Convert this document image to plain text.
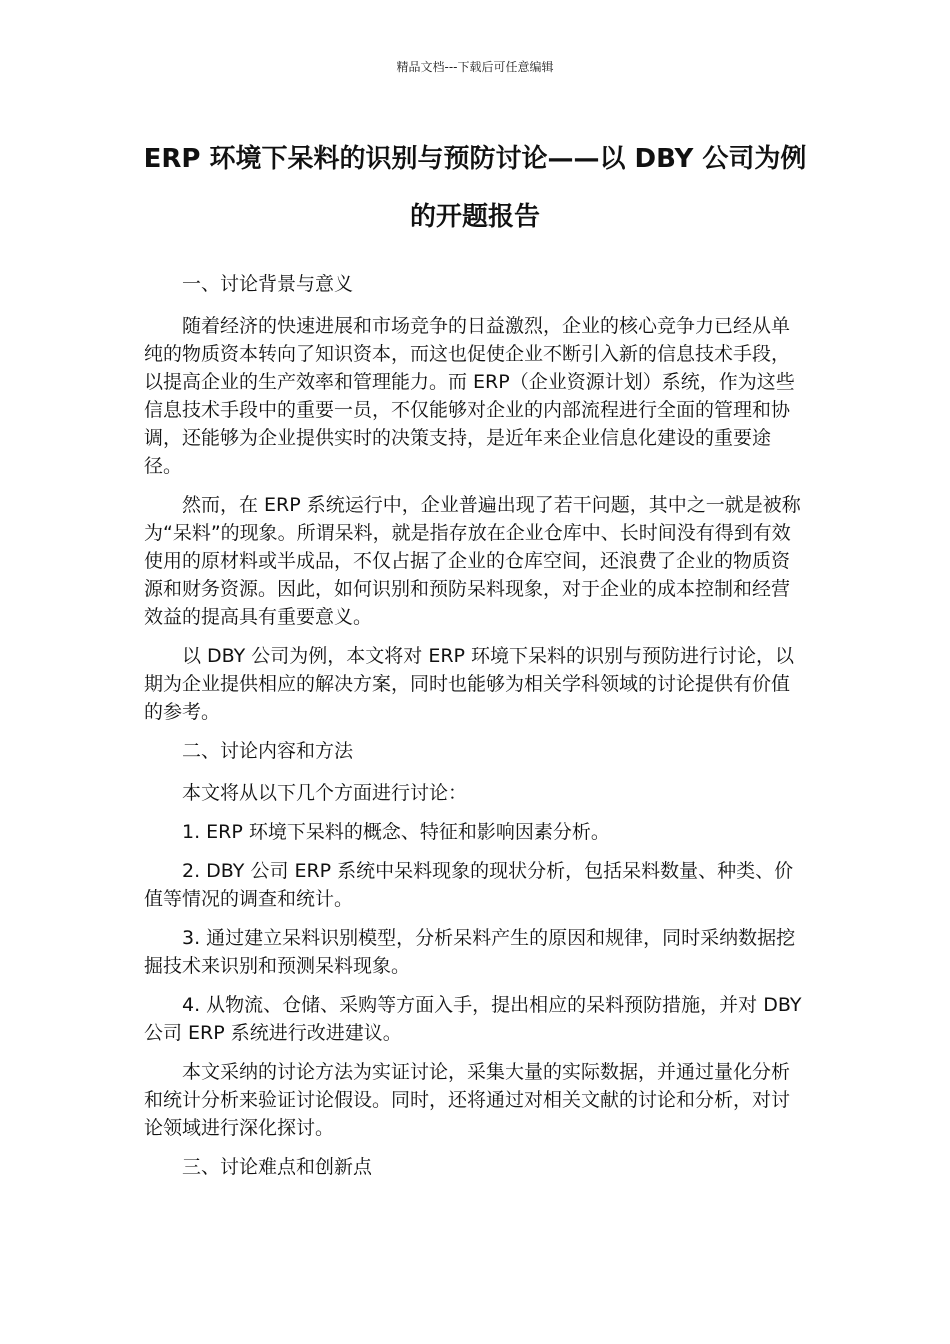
精品文档---下载后可任意编辑
ERP 环境下呆料的识别与预防讨论——以 DBY 公司为例的开题报告

一、讨论背景与意义

随着经济的快速进展和市场竞争的日益激烈，企业的核心竞争力已经从单纯的物质资本转向了知识资本，而这也促使企业不断引入新的信息技术手段，以提高企业的生产效率和管理能力。而 ERP（企业资源计划）系统，作为这些信息技术手段中的重要一员，不仅能够对企业的内部流程进行全面的管理和协调，还能够为企业提供实时的决策支持，是近年来企业信息化建设的重要途径。

然而，在 ERP 系统运行中，企业普遍出现了若干问题，其中之一就是被称为“呆料”的现象。所谓呆料，就是指存放在企业仓库中、长时间没有得到有效使用的原材料或半成品，不仅占据了企业的仓库空间，还浪费了企业的物质资源和财务资源。因此，如何识别和预防呆料现象，对于企业的成本控制和经营效益的提高具有重要意义。

以 DBY 公司为例，本文将对 ERP 环境下呆料的识别与预防进行讨论，以期为企业提供相应的解决方案，同时也能够为相关学科领域的讨论提供有价值的参考。

二、讨论内容和方法

本文将从以下几个方面进行讨论：

1. ERP 环境下呆料的概念、特征和影响因素分析。

2. DBY 公司 ERP 系统中呆料现象的现状分析，包括呆料数量、种类、价值等情况的调查和统计。

3. 通过建立呆料识别模型，分析呆料产生的原因和规律，同时采纳数据挖掘技术来识别和预测呆料现象。

4. 从物流、仓储、采购等方面入手，提出相应的呆料预防措施，并对 DBY 公司 ERP 系统进行改进建议。

本文采纳的讨论方法为实证讨论，采集大量的实际数据，并通过量化分析和统计分析来验证讨论假设。同时，还将通过对相关文献的讨论和分析，对讨论领域进行深化探讨。

三、讨论难点和创新点
